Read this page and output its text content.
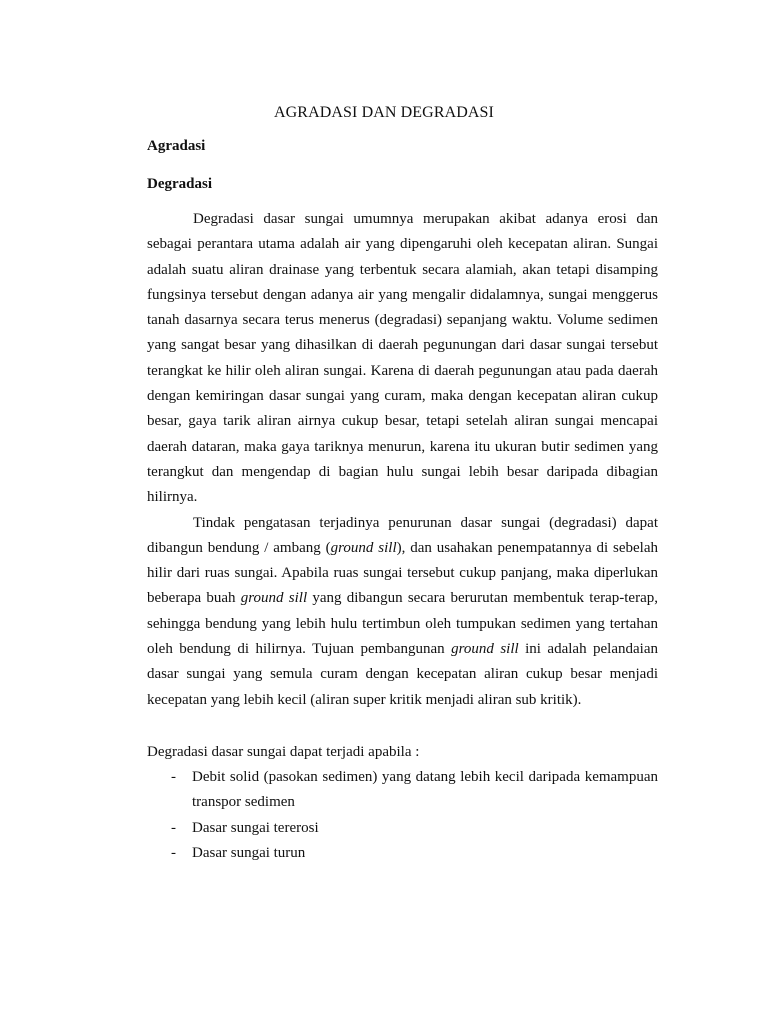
AGRADASI DAN DEGRADASI
Agradasi
Degradasi

Degradasi dasar sungai umumnya merupakan akibat adanya erosi dan sebagai perantara utama adalah air yang dipengaruhi oleh kecepatan aliran. Sungai adalah suatu aliran drainase yang terbentuk secara alamiah, akan tetapi disamping fungsinya tersebut dengan adanya air yang mengalir didalamnya, sungai menggerus tanah dasarnya secara terus menerus (degradasi) sepanjang waktu. Volume sedimen yang sangat besar yang dihasilkan di daerah pegunungan dari dasar sungai tersebut terangkat ke hilir oleh aliran sungai. Karena di daerah pegunungan atau pada daerah dengan kemiringan dasar sungai yang curam, maka dengan kecepatan aliran cukup besar, gaya tarik aliran airnya cukup besar, tetapi setelah aliran sungai mencapai daerah dataran, maka gaya tariknya menurun, karena itu ukuran butir sedimen yang terangkut dan mengendap di bagian hulu sungai lebih besar daripada dibagian hilirnya.

Tindak pengatasan terjadinya penurunan dasar sungai (degradasi) dapat dibangun bendung / ambang (ground sill), dan usahakan penempatannya di sebelah hilir dari ruas sungai. Apabila ruas sungai tersebut cukup panjang, maka diperlukan beberapa buah ground sill yang dibangun secara berurutan membentuk terap-terap, sehingga bendung yang lebih hulu tertimbun oleh tumpukan sedimen yang tertahan oleh bendung di hilirnya. Tujuan pembangunan ground sill ini adalah pelandaian dasar sungai yang semula curam dengan kecepatan aliran cukup besar menjadi kecepatan yang lebih kecil (aliran super kritik menjadi aliran sub kritik).

Degradasi dasar sungai dapat terjadi apabila :
- Debit solid (pasokan sedimen) yang datang lebih kecil daripada kemampuan transpor sedimen
- Dasar sungai tererosi
- Dasar sungai turun
